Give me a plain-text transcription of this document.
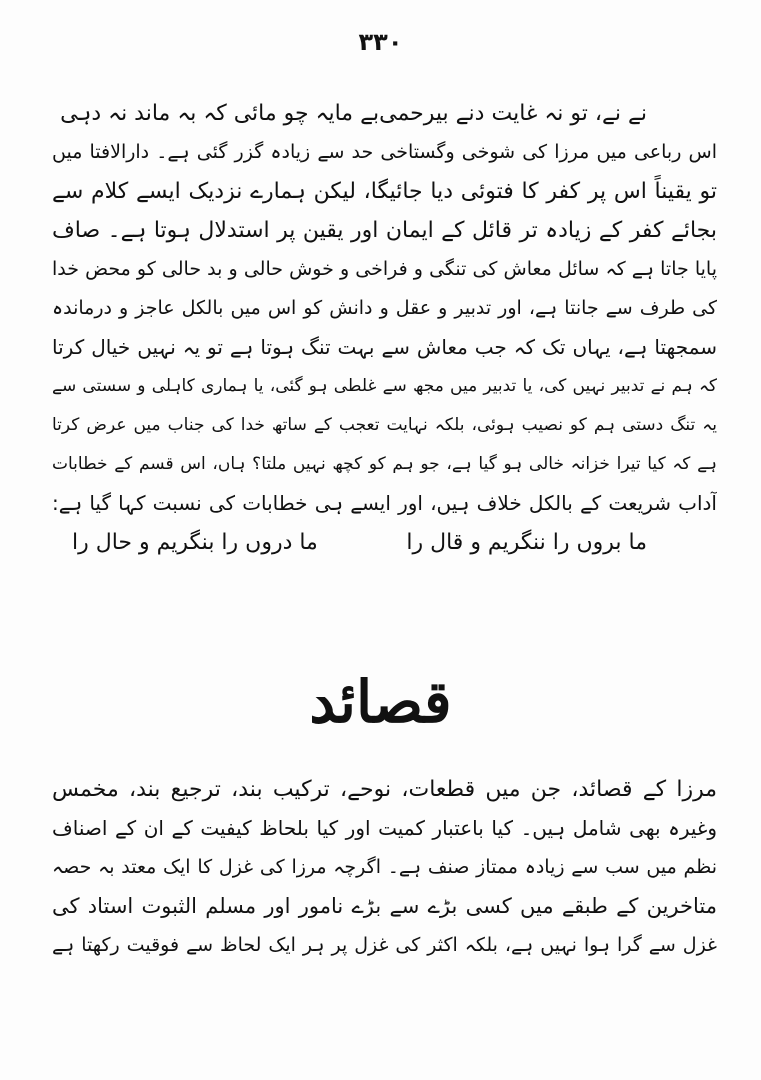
۳۳۰
نے نے، تو نہ غایت دنے بیرحمی
بے مایہ چو مائی کہ بہ ماند نہ دہی
اس رباعی میں مرزا کی شوخی وگستاخی حد سے زیادہ گزر گئی ہے۔ دارالافتا میں
تو یقیناً اس پر کفر کا فتوئی دیا جائیگا، لیکن ہمارے نزدیک ایسے کلام سے
بجائے کفر کے زیادہ تر قائل کے ایمان اور یقین پر استدلال ہوتا ہے۔ صاف
پایا جاتا ہے کہ سائل معاش کی تنگی و فراخی و خوش حالی و بد حالی کو محض خدا
کی طرف سے جانتا ہے، اور تدبیر و عقل و دانش کو اس میں بالکل عاجز و درماندہ
سمجھتا ہے، یہاں تک کہ جب معاش سے بہت تنگ ہوتا ہے تو یہ نہیں خیال کرتا
کہ ہم نے تدبیر نہیں کی، یا تدبیر میں مجھ سے غلطی ہو گئی، یا ہماری کاہلی و سستی سے
یہ تنگ دستی ہم کو نصیب ہوئی، بلکہ نہایت تعجب کے ساتھ خدا کی جناب میں عرض کرتا
ہے کہ کیا تیرا خزانہ خالی ہو گیا ہے، جو ہم کو کچھ نہیں ملتا؟ ہاں، اس قسم کے خطابات
آداب شریعت کے بالکل خلاف ہیں، اور ایسے ہی خطابات کی نسبت کہا گیا ہے:
ما بروں را ننگریم و قال را
ما دروں را بنگریم و حال را
قصائد
مرزا کے قصائد، جن میں قطعات، نوحے، ترکیب بند، ترجیع بند، مخمس
وغیرہ بھی شامل ہیں۔ کیا باعتبار کمیت اور کیا بلحاظ کیفیت کے ان کے اصناف
نظم میں سب سے زیادہ ممتاز صنف ہے۔ اگرچہ مرزا کی غزل کا ایک معتد بہ حصہ
متاخرین کے طبقے میں کسی بڑے سے بڑے نامور اور مسلم الثبوت استاد کی
غزل سے گرا ہوا نہیں ہے، بلکہ اکثر کی غزل پر ہر ایک لحاظ سے فوقیت رکھتا ہے
